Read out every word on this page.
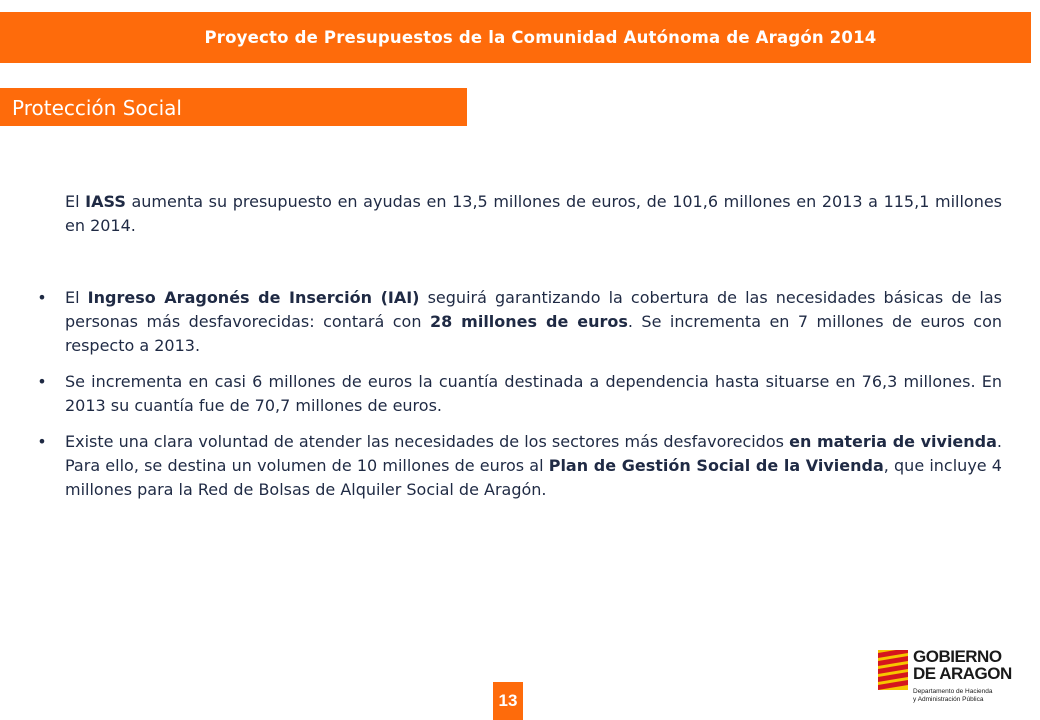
Proyecto de Presupuestos de la Comunidad Autónoma de Aragón 2014
Protección Social

El IASS aumenta su presupuesto en ayudas en 13,5 millones de euros, de 101,6 millones en 2013 a 115,1 millones en 2014.

• El Ingreso Aragonés de Inserción (IAI) seguirá garantizando la cobertura de las necesidades básicas de las personas más desfavorecidas: contará con 28 millones de euros. Se incrementa en 7 millones de euros con respecto a 2013.
• Se incrementa en casi 6 millones de euros la cuantía destinada a dependencia hasta situarse en 76,3 millones. En 2013 su cuantía fue de 70,7 millones de euros.
• Existe una clara voluntad de atender las necesidades de los sectores más desfavorecidos en materia de vivienda. Para ello, se destina un volumen de 10 millones de euros al Plan de Gestión Social de la Vivienda, que incluye 4 millones para la Red de Bolsas de Alquiler Social de Aragón.
GOBIERNO
DE ARAGON
Departamento de Hacienda
y Administración Pública
13
